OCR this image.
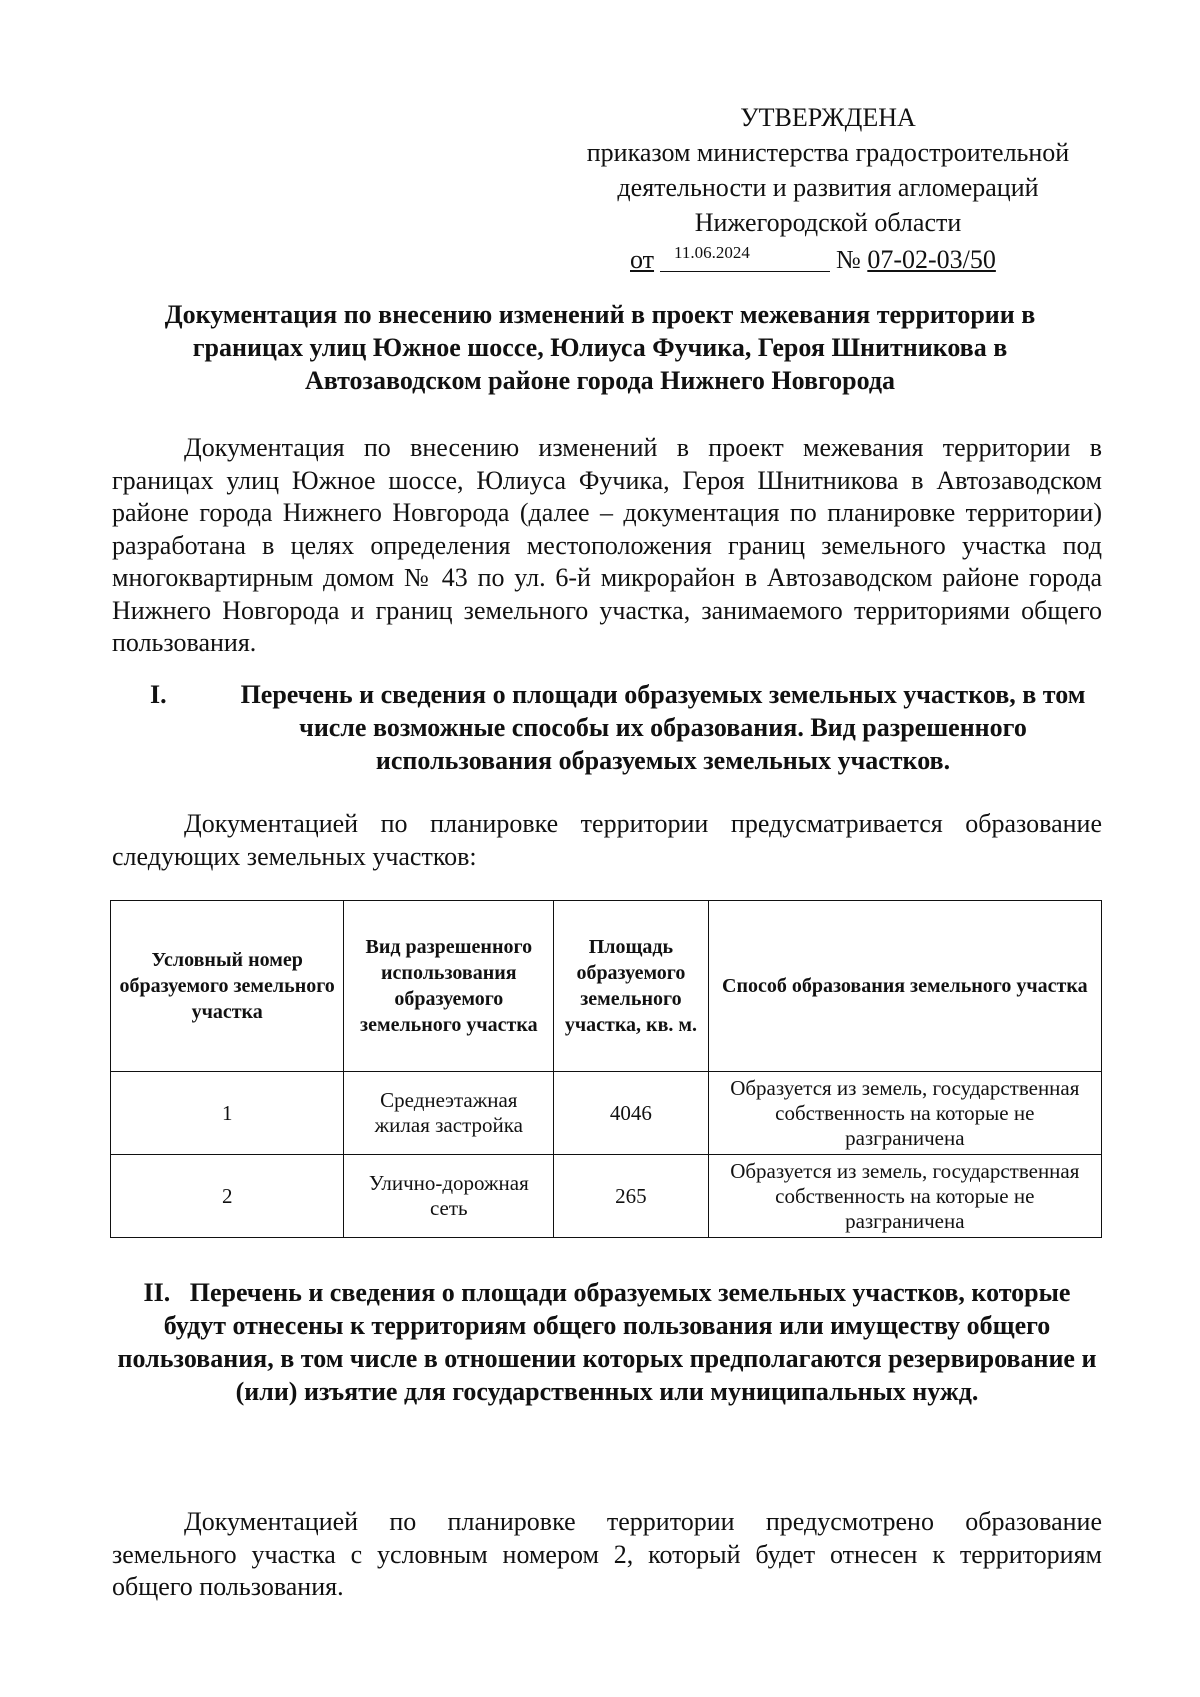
УТВЕРЖДЕНА
приказом министерства градостроительной
деятельности и развития агломераций
Нижегородской области
от	11.06.2024	№ 07-02-03/50
Документация по внесению изменений в проект межевания территории в границах улиц Южное шоссе, Юлиуса Фучика, Героя Шнитникова в Автозаводском районе города Нижнего Новгорода
Документация по внесению изменений в проект межевания территории в границах улиц Южное шоссе, Юлиуса Фучика, Героя Шнитникова в Автозаводском районе города Нижнего Новгорода (далее – документация по планировке территории) разработана в целях определения местоположения границ земельного участка под многоквартирным домом № 43 по ул. 6-й микрорайон в Автозаводском районе города Нижнего Новгорода и границ земельного участка, занимаемого территориями общего пользования.
I.	Перечень и сведения о площади образуемых земельных участков, в том числе возможные способы их образования. Вид разрешенного использования образуемых земельных участков.
Документацией по планировке территории предусматривается образование следующих земельных участков:
Условный номер образуемого земельного участка	Вид разрешенного использования образуемого земельного участка	Площадь образуемого земельного участка, кв. м.	Способ образования земельного участка
1	Среднеэтажная жилая застройка	4046	Образуется из земель, государственная собственность на которые не разграничена
2	Улично-дорожная сеть	265	Образуется из земель, государственная собственность на которые не разграничена
II. Перечень и сведения о площади образуемых земельных участков, которые будут отнесены к территориям общего пользования или имуществу общего пользования, в том числе в отношении которых предполагаются резервирование и (или) изъятие для государственных или муниципальных нужд.
Документацией по планировке территории предусмотрено образование земельного участка с условным номером 2, который будет отнесен к территориям общего пользования.
